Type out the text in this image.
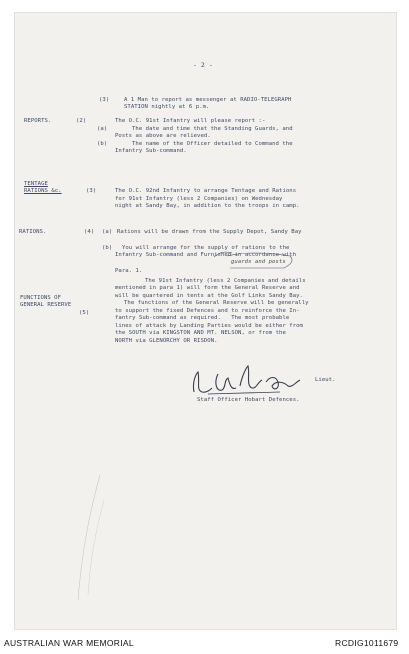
- 2 -
(3)	A 1 Man to report as messenger at RADIO-TELEGRAPH
STATION nightly at 6 p.m.
REPORTS.	(2)	The O.C. 91st Infantry will please report :-
(a)	The date and time that the Standing Guards, and
Posts as above are relieved.
(b)	The name of the Officer detailed to Command the
Infantry Sub-command.
TENTAGE
RATIONS &c.	(3)	The O.C. 92nd Infantry to arrange Tentage and Rations
for 91st Infantry (less 2 Companies) on Wednesday
night at Sandy Bay, in addition to the troops in camp.
RATIONS.	(4) (a) Rations will be drawn from the Supply Depot, Sandy Bay
(b) You will arrange for the supply of rations to the
Infantry Sub-command and Furnished in accordance with
guards and posts
Para. 1.
FUNCTIONS OF
GENERAL RESERVE
(5)
The 91st Infantry (less 2 Companies and details
mentioned in para 1) will form the General Reserve and
will be quartered in tents at the Golf Links Sandy Bay.
The functions of the General Reserve will be generally
to support the fixed Defences and to reinforce the In-
fantry Sub-command as required.   The most probable
lines of attack by Landing Parties would be either from
the SOUTH via KINGSTON AND MT. NELSON, or from the
NORTH via GLENORCHY OR RISDON.
Lieut.
Staff Officer Hobart Defences.
AUSTRALIAN WAR MEMORIAL	RCDIG1011679
